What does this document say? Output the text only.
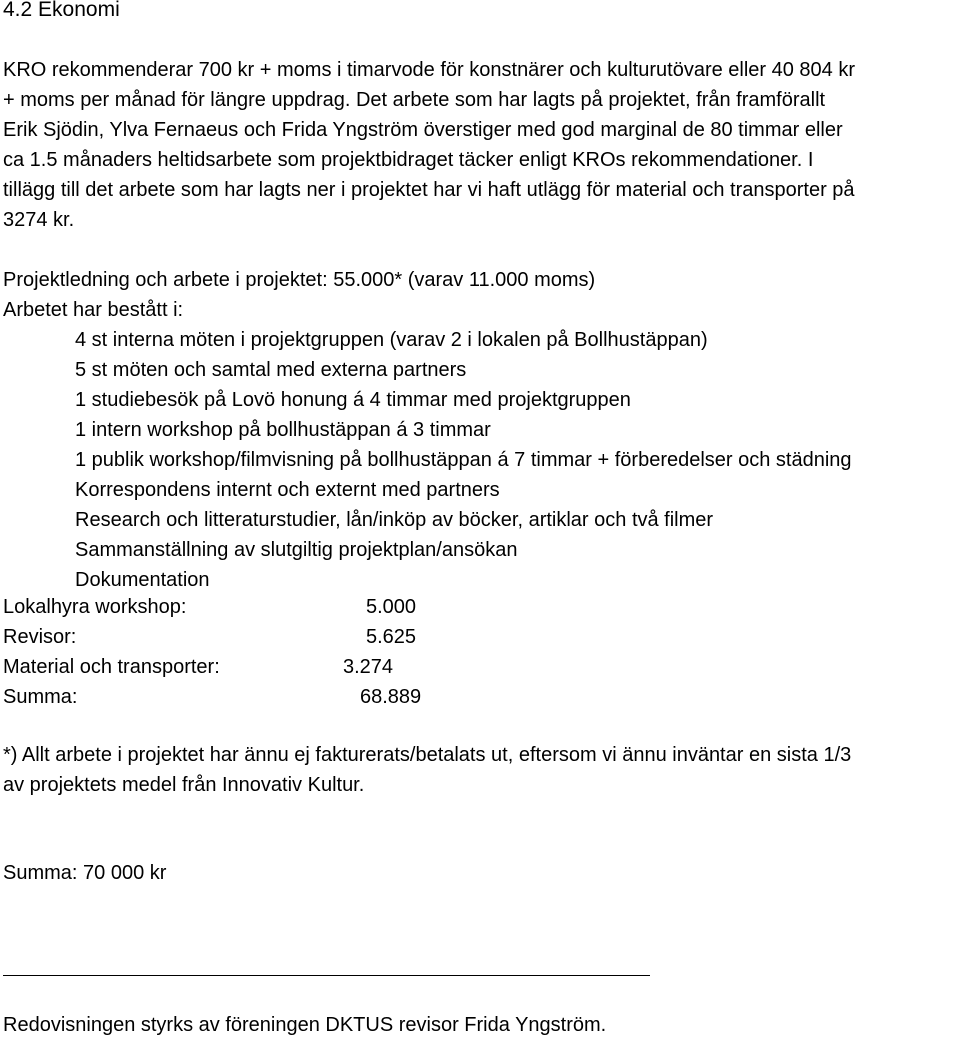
4.2 Ekonomi

KRO rekommenderar 700 kr + moms i timarvode för konstnärer och kulturutövare eller 40 804 kr
+ moms per månad för längre uppdrag. Det arbete som har lagts på projektet, från framförallt
Erik Sjödin, Ylva Fernaeus och Frida Yngström överstiger med god marginal de 80 timmar eller
ca 1.5 månaders heltidsarbete som projektbidraget täcker enligt KROs rekommendationer. I
tillägg till det arbete som har lagts ner i projektet har vi haft utlägg för material och transporter på
3274 kr.

Projektledning och arbete i projektet: 55.000* (varav 11.000 moms)
Arbetet har bestått i:

4 st interna möten i projektgruppen (varav 2 i lokalen på Bollhustäppan)
5 st möten och samtal med externa partners
1 studiebesök på Lovö honung á 4 timmar med projektgruppen
1 intern workshop på bollhustäppan á 3 timmar
1 publik workshop/filmvisning på bollhustäppan á 7 timmar + förberedelser och städning
Korrespondens internt och externt med partners
Research och litteraturstudier, lån/inköp av böcker, artiklar och två filmer
Sammanställning av slutgiltig projektplan/ansökan
Dokumentation
Lokalhyra workshop:	5.000
Revisor:	5.625
Material och transporter:	3.274
Summa:	68.889

*) Allt arbete i projektet har ännu ej fakturerats/betalats ut, eftersom vi ännu inväntar en sista 1/3
av projektets medel från Innovativ Kultur.

Summa: 70 000 kr

Redovisningen styrks av föreningen DKTUS revisor Frida Yngström.
